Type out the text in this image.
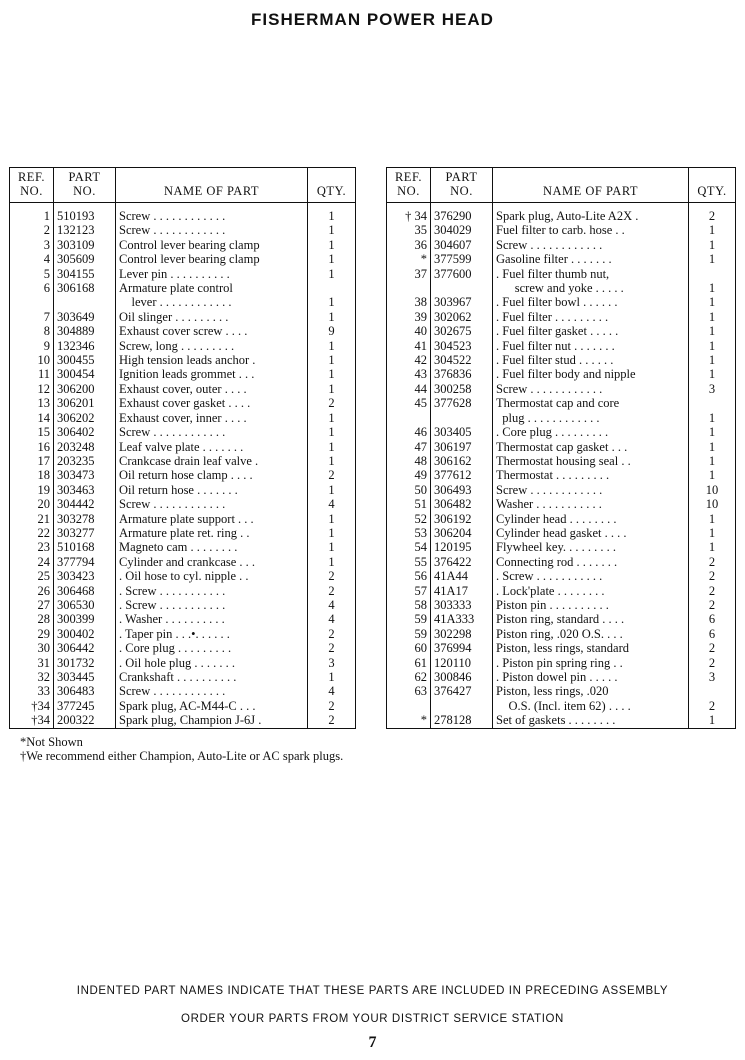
FISHERMAN POWER HEAD
REF.
NO.	PART
NO.	NAME OF PART	QTY.

1	510193	Screw . . . . . . . . . . . .	1
2	132123	Screw . . . . . . . . . . . .	1
3	303109	Control lever bearing clamp	1
4	305609	Control lever bearing clamp	1
5	304155	Lever pin . . . . . . . . . .	1
6	306168	Armature plate control	
		lever . . . . . . . . . . . .	1
7	303649	Oil slinger . . . . . . . . .	1
8	304889	Exhaust cover screw . . . .	9
9	132346	Screw, long . . . . . . . . .	1
10	300455	High tension leads anchor .	1
11	300454	Ignition leads grommet . . .	1
12	306200	Exhaust cover, outer . . . .	1
13	306201	Exhaust cover gasket . . . .	2
14	306202	Exhaust cover, inner . . . .	1
15	306402	Screw . . . . . . . . . . . .	1
16	203248	Leaf valve plate . . . . . . .	1
17	203235	Crankcase drain leaf valve .	1
18	303473	Oil return hose clamp . . . .	2
19	303463	Oil return hose . . . . . . .	1
20	304442	Screw . . . . . . . . . . . .	4
21	303278	Armature plate support . . .	1
22	303277	Armature plate ret. ring . .	1
23	510168	Magneto cam . . . . . . . .	1
24	377794	Cylinder and crankcase . . .	1
25	303423	. Oil hose to cyl. nipple . .	2
26	306468	. Screw . . . . . . . . . . .	2
27	306530	. Screw . . . . . . . . . . .	4
28	300399	. Washer . . . . . . . . . .	4
29	300402	. Taper pin . . .•. . . . . .	2
30	306442	. Core plug . . . . . . . . .	2
31	301732	. Oil hole plug . . . . . . .	3
32	303445	Crankshaft . . . . . . . . . .	1
33	306483	Screw . . . . . . . . . . . .	4
†34	377245	Spark plug, AC-M44-C . . .	2
†34	200322	Spark plug, Champion J-6J .	2
REF.
NO.	PART
NO.	NAME OF PART	QTY.

† 34	376290	Spark plug, Auto-Lite A2X .	2
35	304029	Fuel filter to carb. hose . .	1
36	304607	Screw . . . . . . . . . . . .	1
*	377599	Gasoline filter . . . . . . .	1
37	377600	. Fuel filter thumb nut,	
		screw and yoke . . . . .	1
38	303967	. Fuel filter bowl . . . . . .	1
39	302062	. Fuel filter . . . . . . . . .	1
40	302675	. Fuel filter gasket . . . . .	1
41	304523	. Fuel filter nut . . . . . . .	1
42	304522	. Fuel filter stud . . . . . .	1
43	376836	. Fuel filter body and nipple	1
44	300258	Screw . . . . . . . . . . . .	3
45	377628	Thermostat cap and core	
		plug . . . . . . . . . . . .	1
46	303405	. Core plug . . . . . . . . .	1
47	306197	Thermostat cap gasket . . .	1
48	306162	Thermostat housing seal . .	1
49	377612	Thermostat . . . . . . . . .	1
50	306493	Screw . . . . . . . . . . . .	10
51	306482	Washer . . . . . . . . . . .	10
52	306192	Cylinder head . . . . . . . .	1
53	306204	Cylinder head gasket . . . .	1
54	120195	Flywheel key. . . . . . . . .	1
55	376422	Connecting rod . . . . . . .	2
56	41A44	. Screw . . . . . . . . . . .	2
57	41A17	. Lock'plate . . . . . . . .	2
58	303333	Piston pin . . . . . . . . . .	2
59	41A333	Piston ring, standard . . . .	6
59	302298	Piston ring, .020 O.S. . . .	6
60	376994	Piston, less rings, standard	2
61	120110	. Piston pin spring ring . .	2
62	300846	. Piston dowel pin . . . . .	3
63	376427	Piston, less rings, .020	
		O.S. (Incl. item 62) . . . .	2
*	278128	Set of gaskets . . . . . . . .	1
*Not Shown
†We recommend either Champion, Auto-Lite or AC spark plugs.
INDENTED PART NAMES INDICATE THAT THESE PARTS ARE INCLUDED IN PRECEDING ASSEMBLY
ORDER YOUR PARTS FROM YOUR DISTRICT SERVICE STATION
7
